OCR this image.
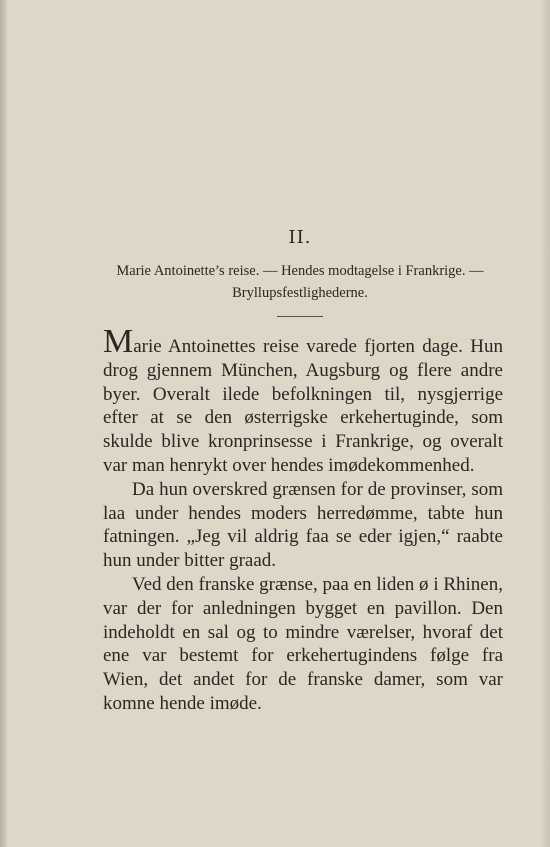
II.
Marie Antoinette’s reise. — Hendes modtagelse i Frankrige. — Bryllupsfestlighederne.

Marie Antoinettes reise varede fjorten dage. Hun drog gjennem München, Augsburg og flere andre byer. Overalt ilede befolkningen til, nysgjerrige efter at se den østerrigske erkehertuginde, som skulde blive kronprinsesse i Frankrige, og overalt var man henrykt over hendes imødekommenhed.

Da hun overskred grænsen for de provinser, som laa under hendes moders herredømme, tabte hun fatningen. „Jeg vil aldrig faa se eder igjen,“ raabte hun under bitter graad.

Ved den franske grænse, paa en liden ø i Rhinen, var der for anledningen bygget en pavillon. Den indeholdt en sal og to mindre værelser, hvoraf det ene var bestemt for erkehertugindens følge fra Wien, det andet for de franske damer, som var komne hende imøde.
